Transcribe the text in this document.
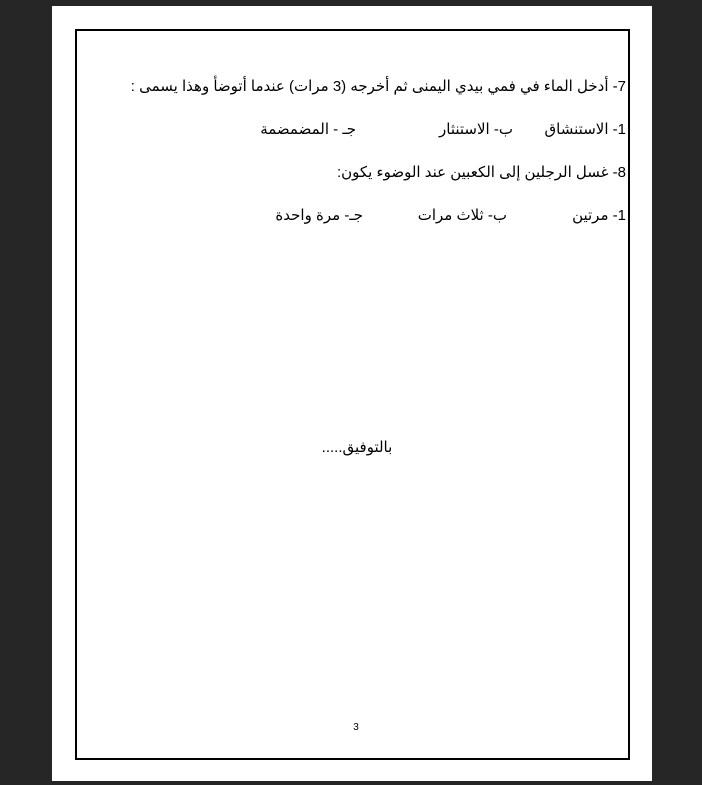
7- أدخل الماء في فمي بيدي اليمنى ثم أخرجه (3 مرات) عندما أتوضأ وهذا يسمى :
1- الاستنشاق
ب- الاستنثار
جـ - المضمضمة
8- غسل الرجلين إلى الكعبين عند الوضوء يكون:
1- مرتين
ب- ثلاث مرات
جـ- مرة واحدة
بالتوفيق.....
3
